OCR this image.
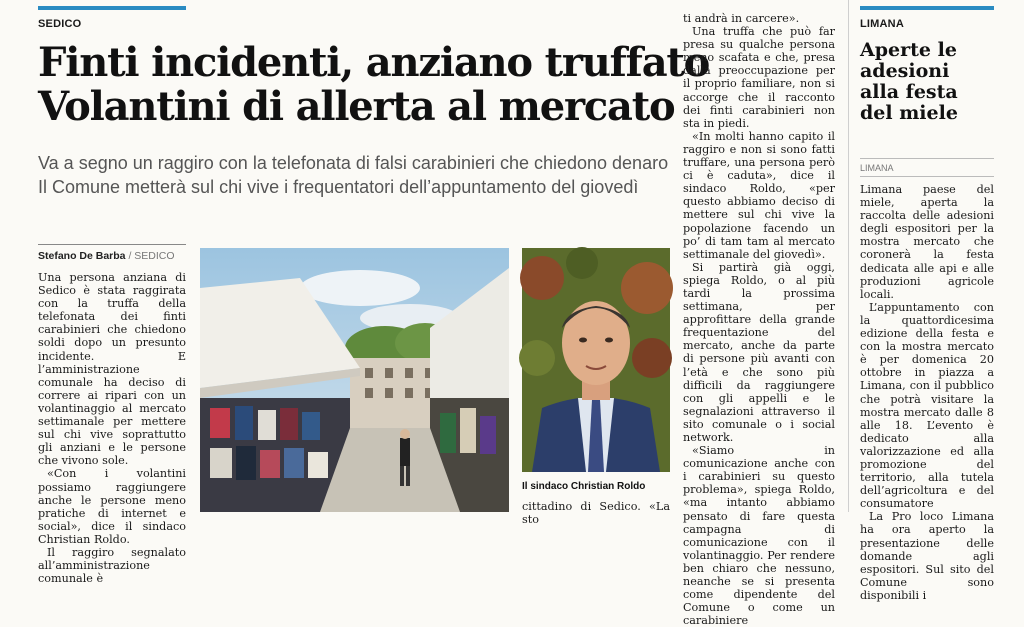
SEDICO
Finti incidenti, anziano truffato
Volantini di allerta al mercato
Va a segno un raggiro con la telefonata di falsi carabinieri che chiedono denaro
Il Comune metterà sul chi vive i frequentatori dell’appuntamento del giovedì
Stefano De Barba / SEDICO

Una persona anziana di Sedico è stata raggirata con la truffa della telefonata dei finti carabinieri che chiedono soldi dopo un presunto incidente. E l’amministrazione comunale ha deciso di correre ai ripari con un volantinaggio al mercato settimanale per mettere sul chi vive soprattutto gli anziani e le persone che vivono sole.

«Con i volantini possiamo raggiungere anche le persone meno pratiche di internet e social», dice il sindaco Christian Roldo.

Il raggiro segnalato all’amministrazione comunale è

Il sindaco Christian Roldo

cittadino di Sedico. «La sto

ti andrà in carcere».

Una truffa che può far presa su qualche persona meno scafata e che, presa dalla preoccupazione per il proprio familiare, non si accorge che il racconto dei finti carabinieri non sta in piedi.

«In molti hanno capito il raggiro e non si sono fatti truffare, una persona però ci è caduta», dice il sindaco Roldo, «per questo abbiamo deciso di mettere sul chi vive la popolazione facendo un po’ di tam tam al mercato settimanale del giovedì».

Si partirà già oggi, spiega Roldo, o al più tardi la prossima settimana, per approfittare della grande frequentazione del mercato, anche da parte di persone più avanti con l’età e che sono più difficili da raggiungere con gli appelli e le segnalazioni attraverso il sito comunale o i social network.

«Siamo in comunicazione anche con i carabinieri su questo problema», spiega Roldo, «ma intanto abbiamo pensato di fare questa campagna di comunicazione con il volantinaggio. Per rendere ben chiaro che nessuno, neanche se si presenta come dipendente del Comune o come un carabiniere

LIMANA
Aperte le adesioni alla festa del miele
LIMANA

Limana paese del miele, aperta la raccolta delle adesioni degli espositori per la mostra mercato che coronerà la festa dedicata alle api e alle produzioni agricole locali.

L’appuntamento con la quattordicesima edizione della festa e con la mostra mercato è per domenica 20 ottobre in piazza a Limana, con il pubblico che potrà visitare la mostra mercato dalle 8 alle 18. L’evento è dedicato alla valorizzazione ed alla promozione del territorio, alla tutela dell’agricoltura e del consumatore

La Pro loco Limana ha ora aperto la presentazione delle domande agli espositori. Sul sito del Comune sono disponibili i
